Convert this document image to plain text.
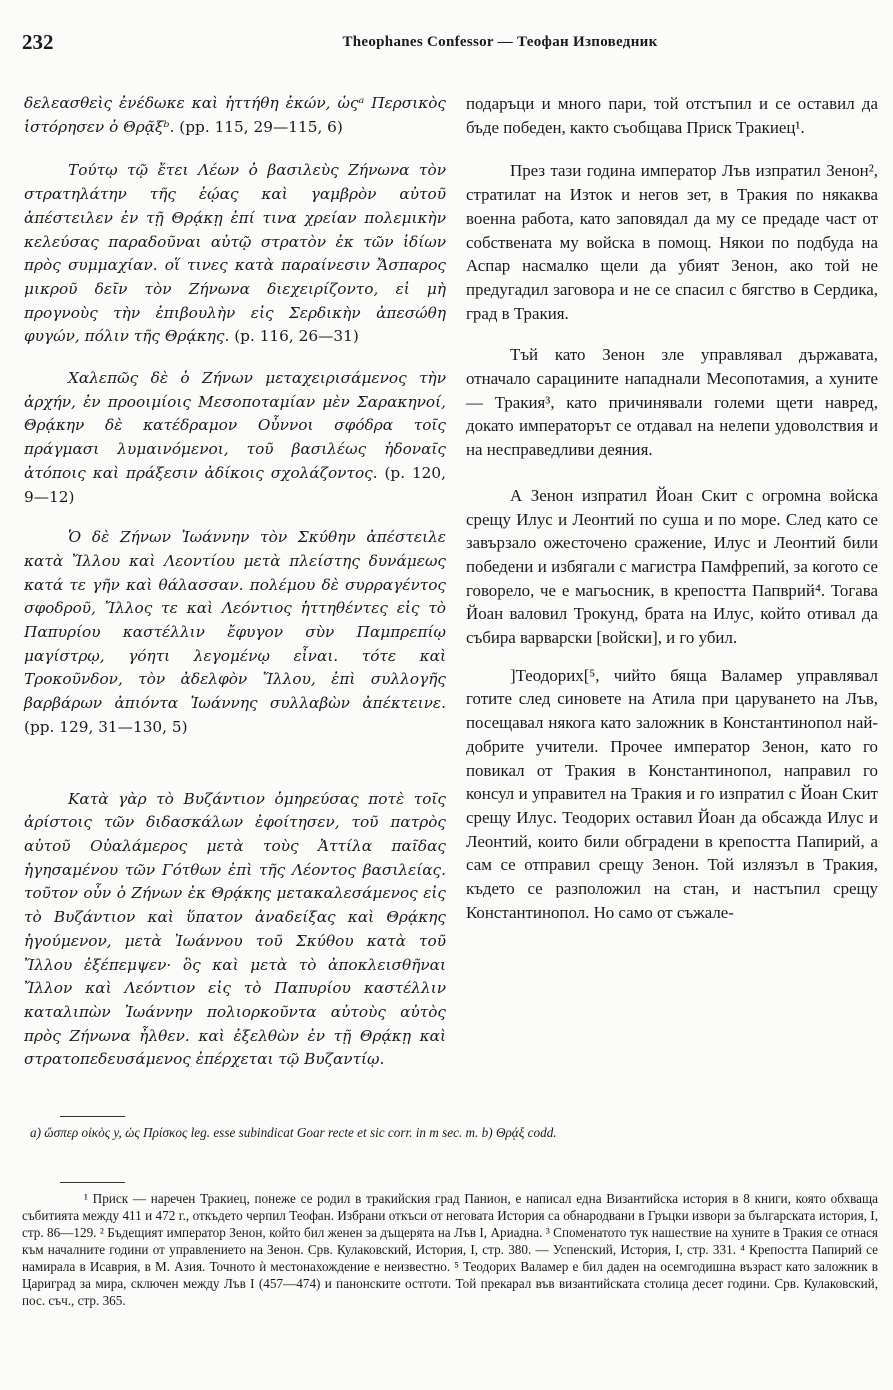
232	Theophanes Confessor — Теофан Изповедник

δελεασθεὶς ἐνέδωκε καὶ ἡττήθη ἑκών, ὡςᵃ Περσικὸς ἱστόρησεν ὁ Θρᾷξᵇ. (pp. 115, 29—115, 6)

Τούτῳ τῷ ἔτει Λέων ὁ βασιλεὺς Ζήνωνα τὸν στρατηλάτην τῆς ἑῴας καὶ γαμβρὸν αὐτοῦ ἀπέστειλεν ἐν τῇ Θρᾴκῃ ἐπί τινα χρείαν πολεμικὴν κελεύσας παραδοῦναι αὐτῷ στρατὸν ἐκ τῶν ἰδίων πρὸς συμμαχίαν. οἵ τινες κατὰ παραίνεσιν Ἄσπαρος μικροῦ δεῖν τὸν Ζήνωνα διεχειρίζοντο, εἰ μὴ προγνοὺς τὴν ἐπιβουλὴν εἰς Σερδικὴν ἀπεσώθη φυγών, πόλιν τῆς Θρᾴκης. (p. 116, 26—31)

Χαλεπῶς δὲ ὁ Ζήνων μεταχειρισάμενος τὴν ἀρχήν, ἐν προοιμίοις Μεσοποταμίαν μὲν Σαρακηνοί, Θρᾴκην δὲ κατέδραμον Οὖννοι σφόδρα τοῖς πράγμασι λυμαινόμενοι, τοῦ βασιλέως ἡδοναῖς ἀτόποις καὶ πράξεσιν ἀδίκοις σχολάζοντος. (p. 120, 9—12)

Ὁ δὲ Ζήνων Ἰωάννην τὸν Σκύθην ἀπέστειλε κατὰ Ἴλλου καὶ Λεοντίου μετὰ πλείστης δυνάμεως κατά τε γῆν καὶ θάλασσαν. πολέμου δὲ συρραγέντος σφοδροῦ, Ἴλλος τε καὶ Λεόντιος ἡττηθέντες εἰς τὸ Παπυρίου καστέλλιν ἔφυγον σὺν Παμπρεπίῳ μαγίστρῳ, γόητι λεγομένῳ εἶναι. τότε καὶ Τροκοῦνδον, τὸν ἀδελφὸν Ἴλλου, ἐπὶ συλλογῆς βαρβάρων ἀπιόντα Ἰωάννης συλλαβὼν ἀπέκτεινε. (pp. 129, 31—130, 5)

Κατὰ γὰρ τὸ Βυζάντιον ὁμηρεύσας ποτὲ τοῖς ἀρίστοις τῶν διδασκάλων ἐφοίτησεν, τοῦ πατρὸς αὐτοῦ Οὐαλάμερος μετὰ τοὺς Ἀττίλα παῖδας ἡγησαμένου τῶν Γότθων ἐπὶ τῆς Λέοντος βασιλείας. τοῦτον οὖν ὁ Ζήνων ἐκ Θρᾴκης μετακαλεσάμενος εἰς τὸ Βυζάντιον καὶ ὕπατον ἀναδείξας καὶ Θρᾴκης ἡγούμενον, μετὰ Ἰωάννου τοῦ Σκύθου κατὰ τοῦ Ἴλλου ἐξέπεμψεν· ὃς καὶ μετὰ τὸ ἀποκλεισθῆναι Ἴλλον καὶ Λεόντιον εἰς τὸ Παπυρίου καστέλλιν καταλιπὼν Ἰωάννην πολιορκοῦντα αὐτοὺς αὐτὸς πρὸς Ζήνωνα ἦλθεν. καὶ ἐξελθὼν ἐν τῇ Θρᾴκῃ καὶ στρατοπεδευσάμενος ἐπέρχεται τῷ Βυζαντίῳ.

подаръци и много пари, той отстъпил и се оставил да бъде победен, както съобщава Приск Тракиец¹.

През тази година император Лъв изпратил Зенон², стратилат на Изток и негов зет, в Тракия по някаква военна работа, като заповядал да му се предаде част от собствената му войска в помощ. Някои по подбуда на Аспар насмалко щели да убият Зенон, ако той не предугадил заговора и не се спасил с бягство в Сердика, град в Тракия.

Тъй като Зенон зле управлявал държавата, отначало сарацините нападнали Месопотамия, а хуните — Тракия³, като причинявали големи щети навред, докато императорът се отдавал на нелепи удоволствия и на несправедливи деяния.

А Зенон изпратил Йоан Скит с огромна войска срещу Илус и Леонтий по суша и по море. След като се завързало ожесточено сражение, Илус и Леонтий били победени и избягали с магистра Памфрепий, за когото се говорело, че е магьосник, в крепостта Папврий⁴. Тогава Йоан валовил Трокунд, брата на Илус, който отивал да събира варварски [войски], и го убил.

]Теодорих[⁵, чийто бяща Валамер управлявал готите след синовете на Атила при царуването на Лъв, посещавал някога като заложник в Константинопол най-добрите учители. Прочее император Зенон, като го повикал от Тракия в Константинопол, направил го консул и управител на Тракия и го изпратил с Йоан Скит срещу Илус. Теодорих оставил Йоан да обсажда Илус и Леонтий, които били обградени в крепостта Папирий, а сам се отправил срещу Зенон. Той излязъл в Тракия, където се разположил на стан, и настъпил срещу Константинопол. Но само от съжале-

a) ὥσπερ οἰκὸς y, ὡς Πρίσκος leg. esse subindicat Goar recte et sic corr. in m sec. m. b) Θρᾴξ codd.

¹ Приск — наречен Тракиец, понеже се родил в тракийския град Панион, е написал една Византийска история в 8 книги, която обхваща събитията между 411 и 472 г., откъдето черпил Теофан. Избрани откъси от неговата История са обнародвани в Гръцки извори за българската история, I, стр. 86—129. ² Бъдещият император Зенон, който бил женен за дъщерята на Лъв I, Ариадна. ³ Споменатото тук нашествие на хуните в Тракия се отнася към началните години от управлението на Зенон. Срв. Кулаковский, История, I, стр. 380. — Успенский, История, I, стр. 331. ⁴ Крепостта Папирий се намирала в Исаврия, в М. Азия. Точното ѝ местонахождение е неизвестно. ⁵ Теодорих Валамер е бил даден на осемгодишна възраст като заложник в Цариград за мира, сключен между Лъв I (457—474) и панонските остготи. Той прекарал във византийската столица десет години. Срв. Кулаковский, пос. съч., стр. 365.
